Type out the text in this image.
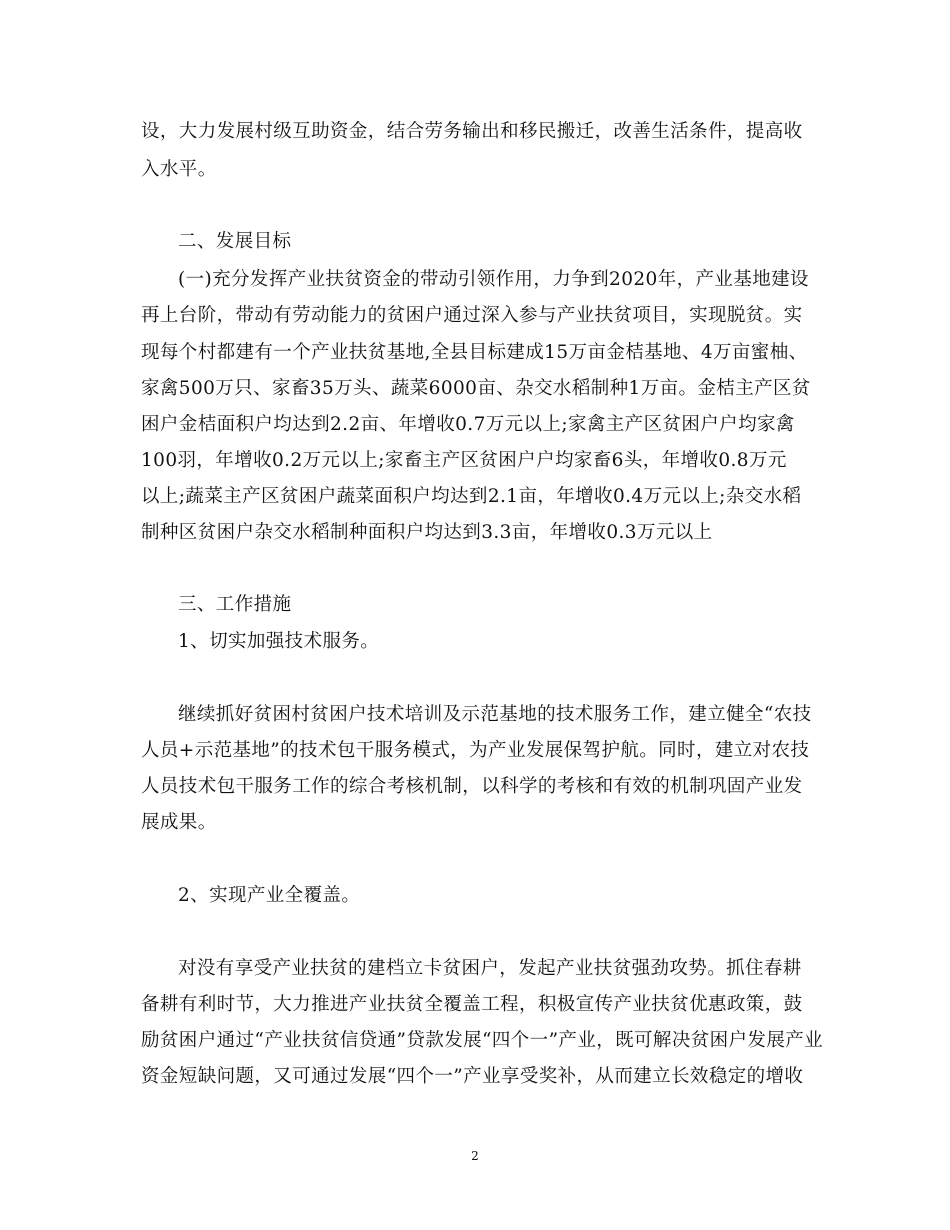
设，大力发展村级互助资金，结合劳务输出和移民搬迁，改善生活条件，提高收
入水平。
二、发展目标
(一)充分发挥产业扶贫资金的带动引领作用，力争到2020年，产业基地建设
再上台阶，带动有劳动能力的贫困户通过深入参与产业扶贫项目，实现脱贫。实
现每个村都建有一个产业扶贫基地,全县目标建成15万亩金桔基地、4万亩蜜柚、
家禽500万只、家畜35万头、蔬菜6000亩、杂交水稻制种1万亩。金桔主产区贫
困户金桔面积户均达到2.2亩、年增收0.7万元以上;家禽主产区贫困户户均家禽
100羽，年增收0.2万元以上;家畜主产区贫困户户均家畜6头，年增收0.8万元
以上;蔬菜主产区贫困户蔬菜面积户均达到2.1亩，年增收0.4万元以上;杂交水稻
制种区贫困户杂交水稻制种面积户均达到3.3亩，年增收0.3万元以上
三、工作措施
1、切实加强技术服务。
继续抓好贫困村贫困户技术培训及示范基地的技术服务工作，建立健全“农技
人员+示范基地”的技术包干服务模式，为产业发展保驾护航。同时，建立对农技
人员技术包干服务工作的综合考核机制，以科学的考核和有效的机制巩固产业发
展成果。
2、实现产业全覆盖。
对没有享受产业扶贫的建档立卡贫困户，发起产业扶贫强劲攻势。抓住春耕
备耕有利时节，大力推进产业扶贫全覆盖工程，积极宣传产业扶贫优惠政策，鼓
励贫困户通过“产业扶贫信贷通”贷款发展“四个一”产业，既可解决贫困户发展产业
资金短缺问题，又可通过发展“四个一”产业享受奖补，从而建立长效稳定的增收
2
